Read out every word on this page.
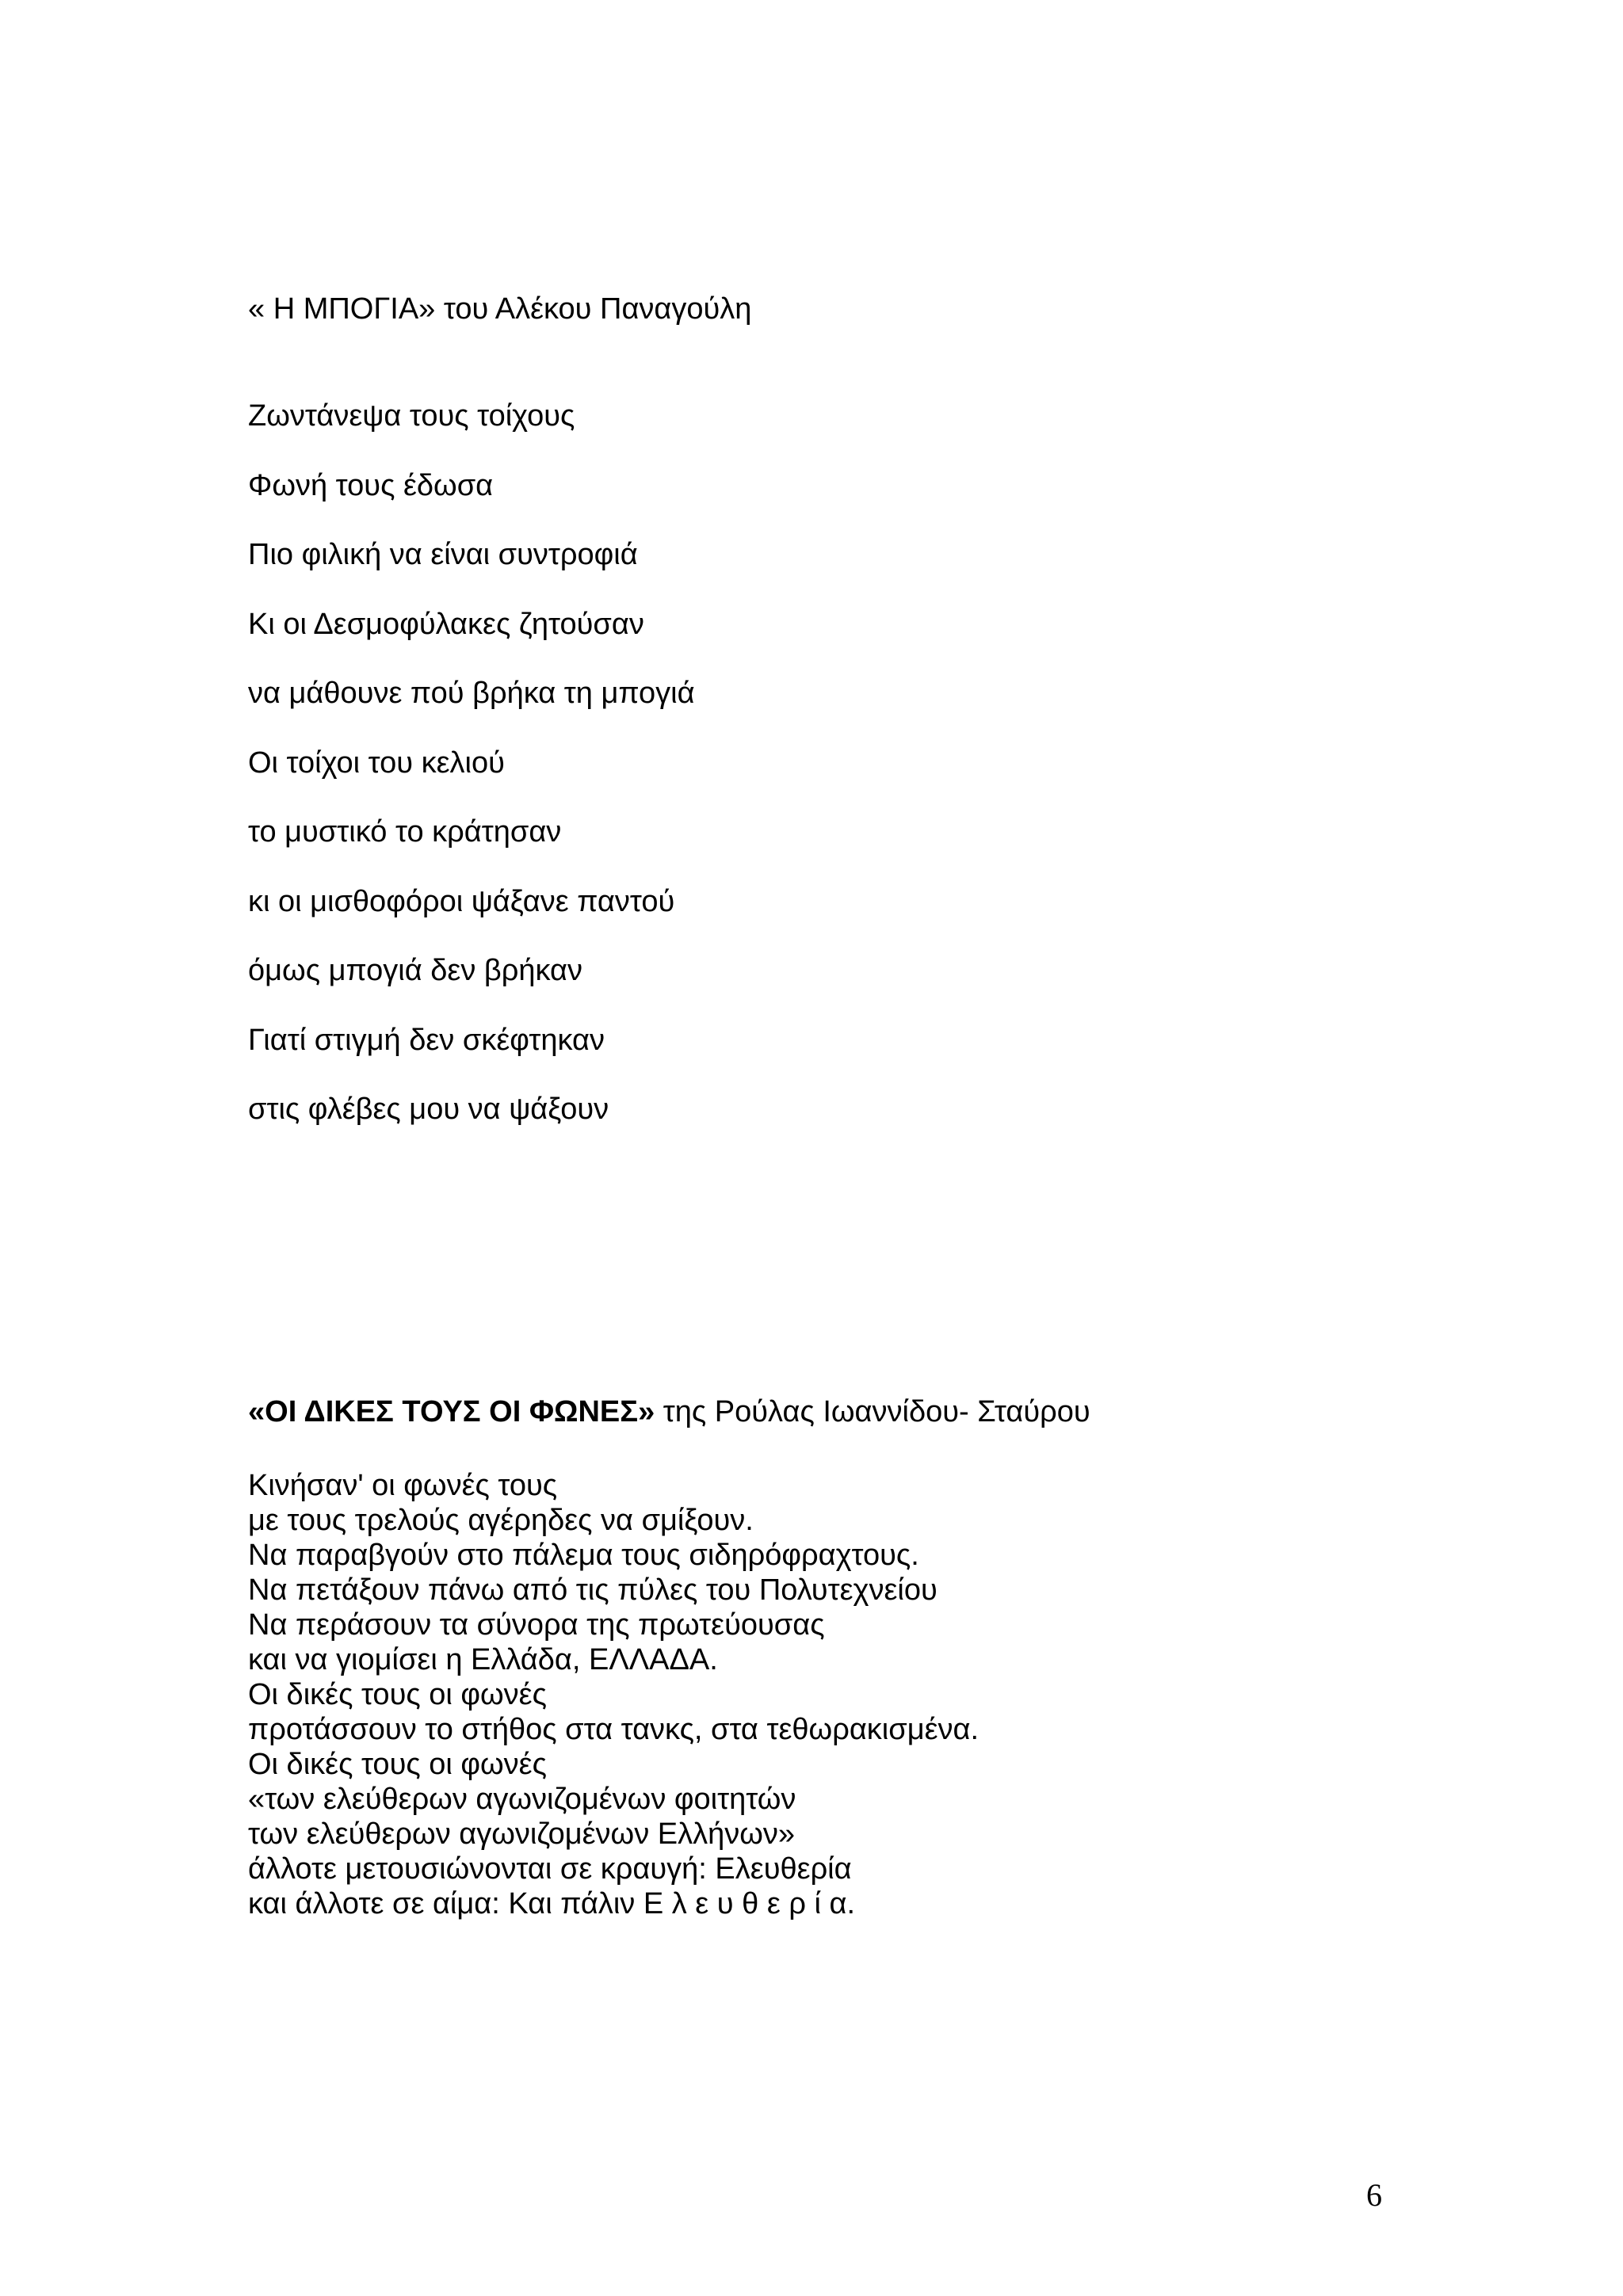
« Η ΜΠΟΓΙΑ» του Αλέκου Παναγούλη
Ζωντάνεψα τους τοίχους
Φωνή τους έδωσα
Πιο φιλική να είναι συντροφιά
Κι οι Δεσμοφύλακες ζητούσαν
να μάθουνε πού βρήκα τη μπογιά
Οι τοίχοι του κελιού
το μυστικό το κράτησαν
κι οι μισθοφόροι ψάξανε παντού
όμως μπογιά δεν βρήκαν
Γιατί στιγμή δεν σκέφτηκαν
στις φλέβες μου να ψάξουν
«ΟΙ ΔΙΚΕΣ ΤΟΥΣ ΟΙ ΦΩΝΕΣ» της Ρούλας Ιωαννίδου- Σταύρου
Κινήσαν' οι φωνές τους
με τους τρελούς αγέρηδες να σμίξουν.
Να παραβγούν στο πάλεμα τους σιδηρόφραχτους.
Να πετάξουν πάνω από τις πύλες του Πολυτεχνείου
Να περάσουν τα σύνορα της πρωτεύουσας
και να γιομίσει η Ελλάδα, ΕΛΛΑΔΑ.
Οι δικές τους οι φωνές
προτάσσουν το στήθος στα τανκς, στα τεθωρακισμένα.
Οι δικές τους οι φωνές
«των ελεύθερων αγωνιζομένων φοιτητών
των ελεύθερων αγωνιζομένων Ελλήνων»
άλλοτε μετουσιώνονται σε κραυγή: Ελευθερία
και άλλοτε σε αίμα: Και πάλιν Ε λ ε υ θ ε ρ ί α.
6
